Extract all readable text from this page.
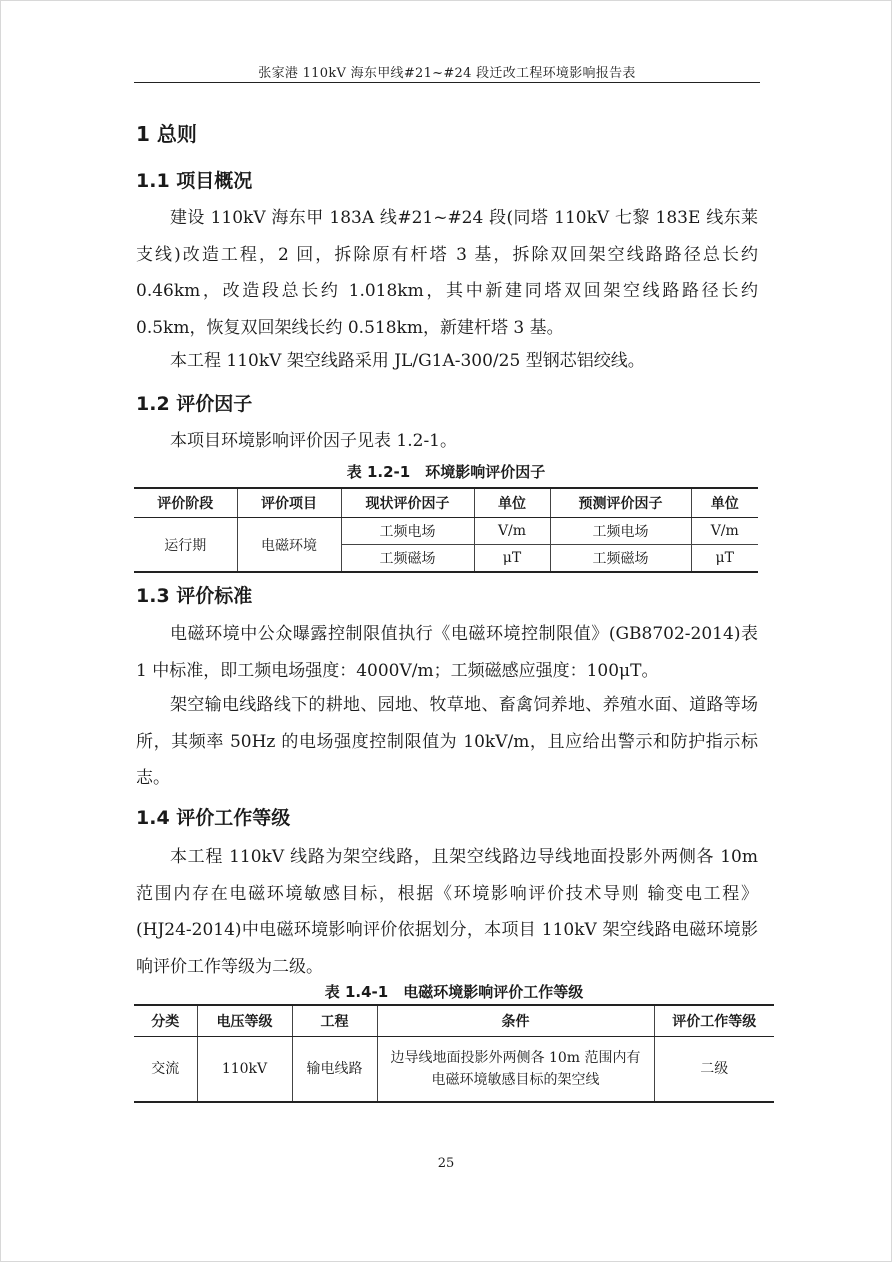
张家港 110kV 海东甲线#21~#24 段迁改工程环境影响报告表
1 总则
1.1 项目概况

建设 110kV 海东甲 183A 线#21~#24 段(同塔 110kV 七黎 183E 线东莱支线)改造工程，2 回，拆除原有杆塔 3 基，拆除双回架空线路路径总长约 0.46km，改造段总长约 1.018km，其中新建同塔双回架空线路路径长约 0.5km，恢复双回架线长约 0.518km，新建杆塔 3 基。

本工程 110kV 架空线路采用 JL/G1A-300/25 型钢芯铝绞线。

1.2 评价因子

本项目环境影响评价因子见表 1.2-1。

表 1.2-1　环境影响评价因子
评价阶段	评价项目	现状评价因子	单位	预测评价因子	单位
运行期	电磁环境	工频电场	V/m	工频电场	V/m
		工频磁场	μT	工频磁场	μT
1.3 评价标准

电磁环境中公众曝露控制限值执行《电磁环境控制限值》(GB8702-2014)表 1 中标准，即工频电场强度：4000V/m；工频磁感应强度：100μT。

架空输电线路线下的耕地、园地、牧草地、畜禽饲养地、养殖水面、道路等场所，其频率 50Hz 的电场强度控制限值为 10kV/m，且应给出警示和防护指示标志。

1.4 评价工作等级

本工程 110kV 线路为架空线路，且架空线路边导线地面投影外两侧各 10m 范围内存在电磁环境敏感目标，根据《环境影响评价技术导则 输变电工程》(HJ24-2014)中电磁环境影响评价依据划分，本项目 110kV 架空线路电磁环境影响评价工作等级为二级。

表 1.4-1　电磁环境影响评价工作等级
分类	电压等级	工程	条件	评价工作等级
交流	110kV	输电线路	边导线地面投影外两侧各 10m 范围内有
电磁环境敏感目标的架空线	二级
25
